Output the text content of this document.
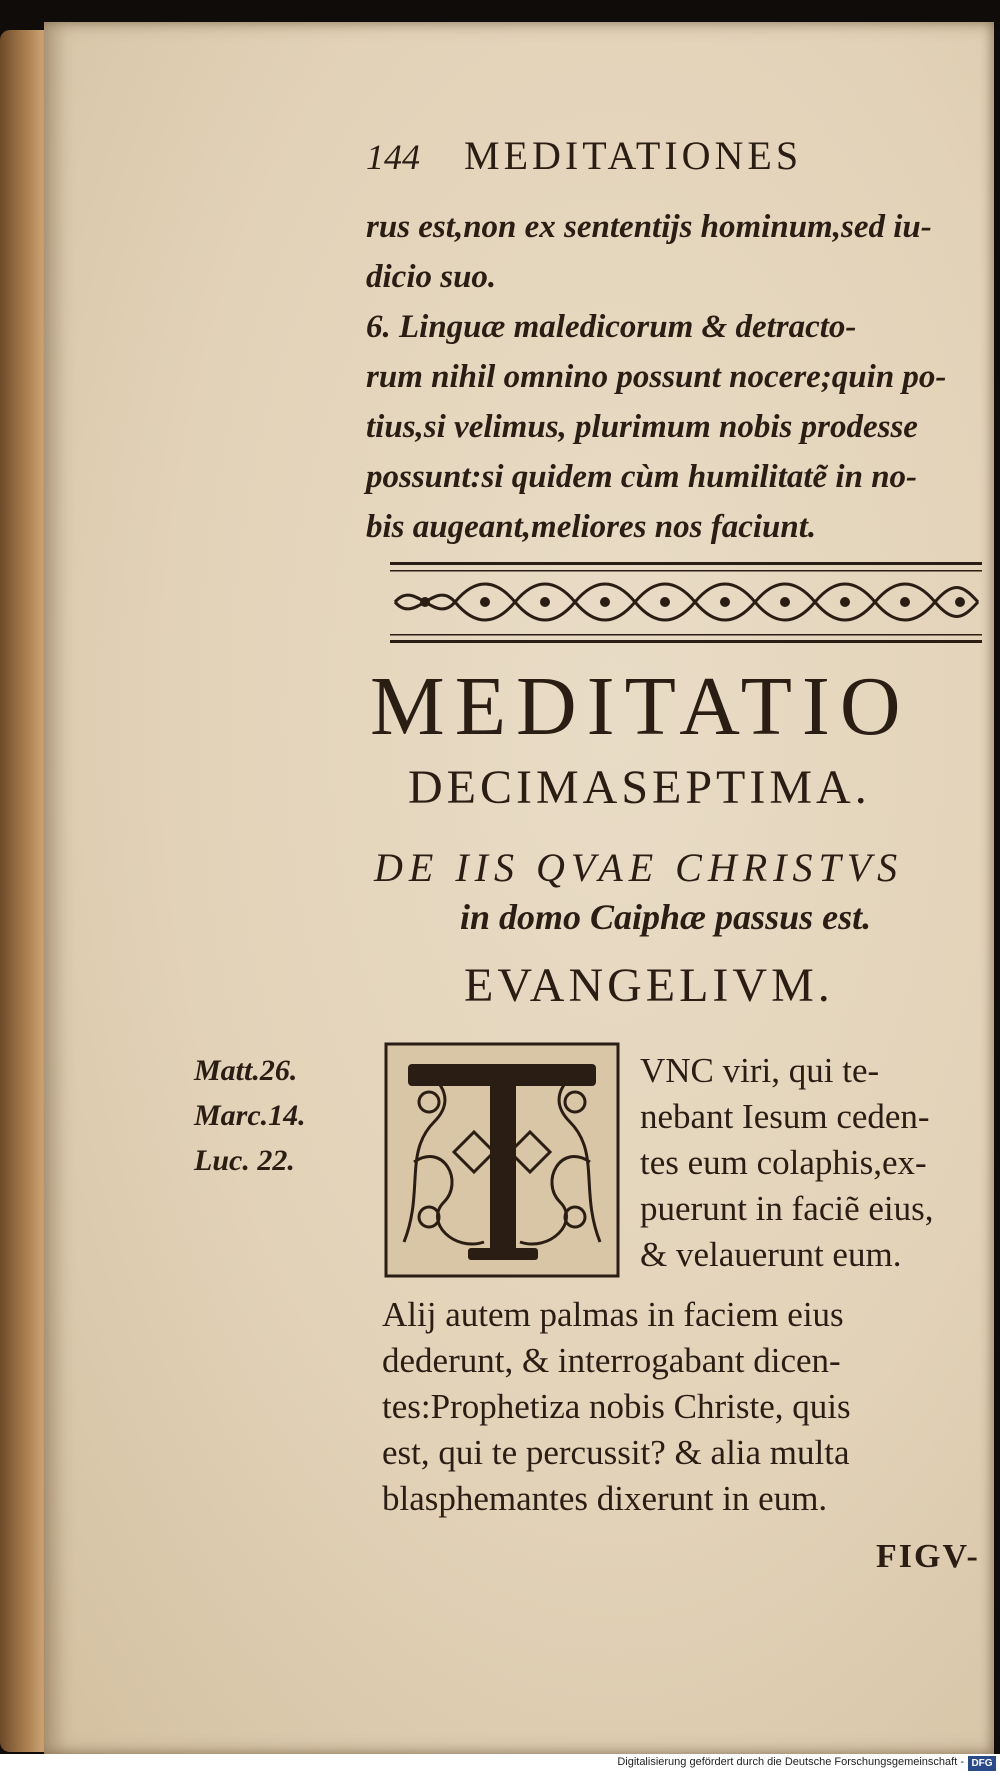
144 MEDITATIONES
rus est,non ex sententijs hominum,sed iu-
dicio suo.
6. Linguæ maledicorum & detracto-
rum nihil omnino possunt nocere;quin po-
tius,si velimus, plurimum nobis prodesse
possunt:si quidem cùm humilitatẽ in no-
bis augeant,meliores nos faciunt.
MEDITATIO
DECIMASEPTIMA.
DE IIS QVAE CHRISTVS
in domo Caiphæ passus est.
EVANGELIVM.
Matt.26.
Marc.14.
Luc. 22.
T
VNC viri, qui te-
nebant Iesum ceden-
tes eum colaphis,ex-
puerunt in faciẽ eius,
& velauerunt eum.
Alij autem palmas in faciem eius
dederunt, & interrogabant dicen-
tes:Prophetiza nobis Christe, quis
est, qui te percussit? & alia multa
blasphemantes dixerunt in eum.
FIGV-
Digitalisierung gefördert durch die Deutsche Forschungsgemeinschaft - DFG
